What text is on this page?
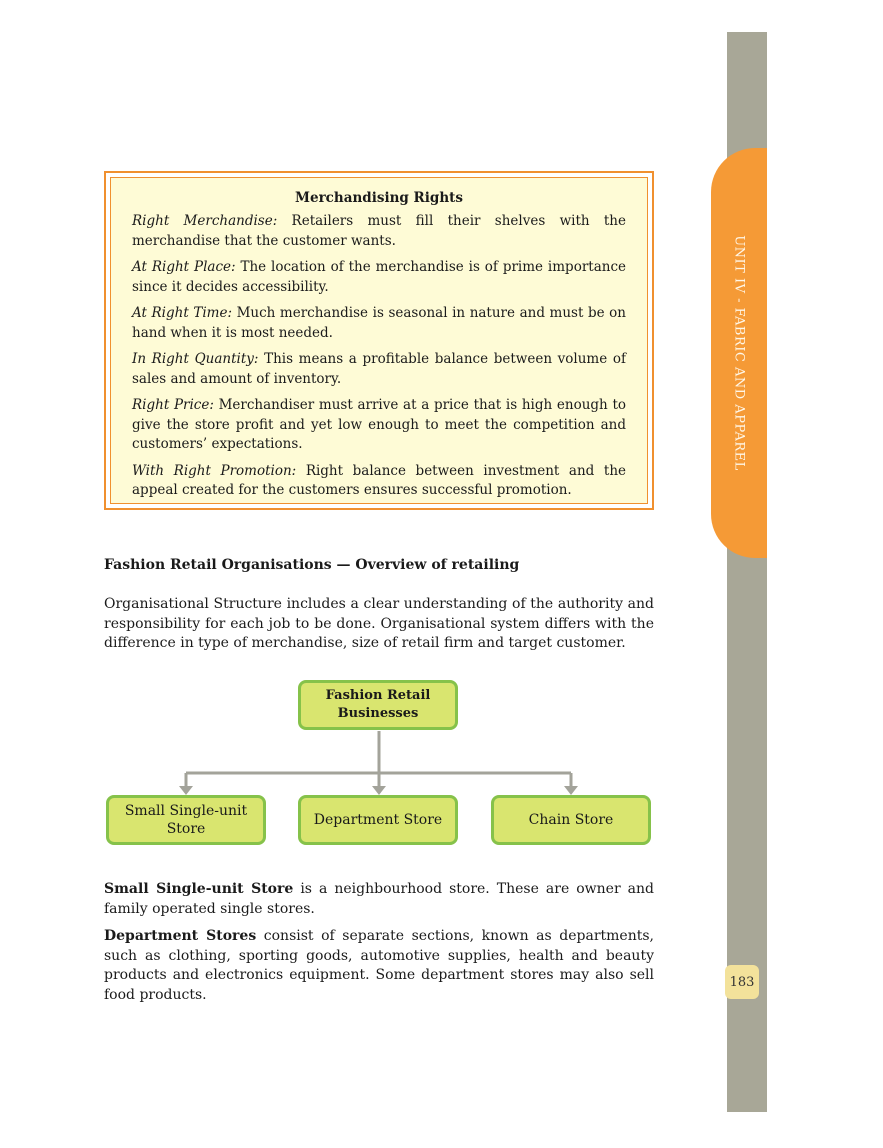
UNIT IV - FABRIC AND APPAREL
183
Merchandising Rights

Right Merchandise: Retailers must fill their shelves with the merchandise that the customer wants.

At Right Place: The location of the merchandise is of prime importance since it decides accessibility.

At Right Time: Much merchandise is seasonal in nature and must be on hand when it is most needed.

In Right Quantity: This means a profitable balance between volume of sales and amount of inventory.

Right Price: Merchandiser must arrive at a price that is high enough to give the store profit and yet low enough to meet the competition and customers’ expectations.

With Right Promotion: Right balance between investment and the appeal created for the customers ensures successful promotion.

Fashion Retail Organisations — Overview of retailing

Organisational Structure includes a clear understanding of the authority and responsibility for each job to be done. Organisational system differs with the difference in type of merchandise, size of retail firm and target customer.

Fashion Retail Businesses
Small Single-unit Store
Department Store	Chain Store

Small Single-unit Store is a neighbourhood store. These are owner and family operated single stores.

Department Stores consist of separate sections, known as departments, such as clothing, sporting goods, automotive supplies, health and beauty products and electronics equipment. Some department stores may also sell food products.
